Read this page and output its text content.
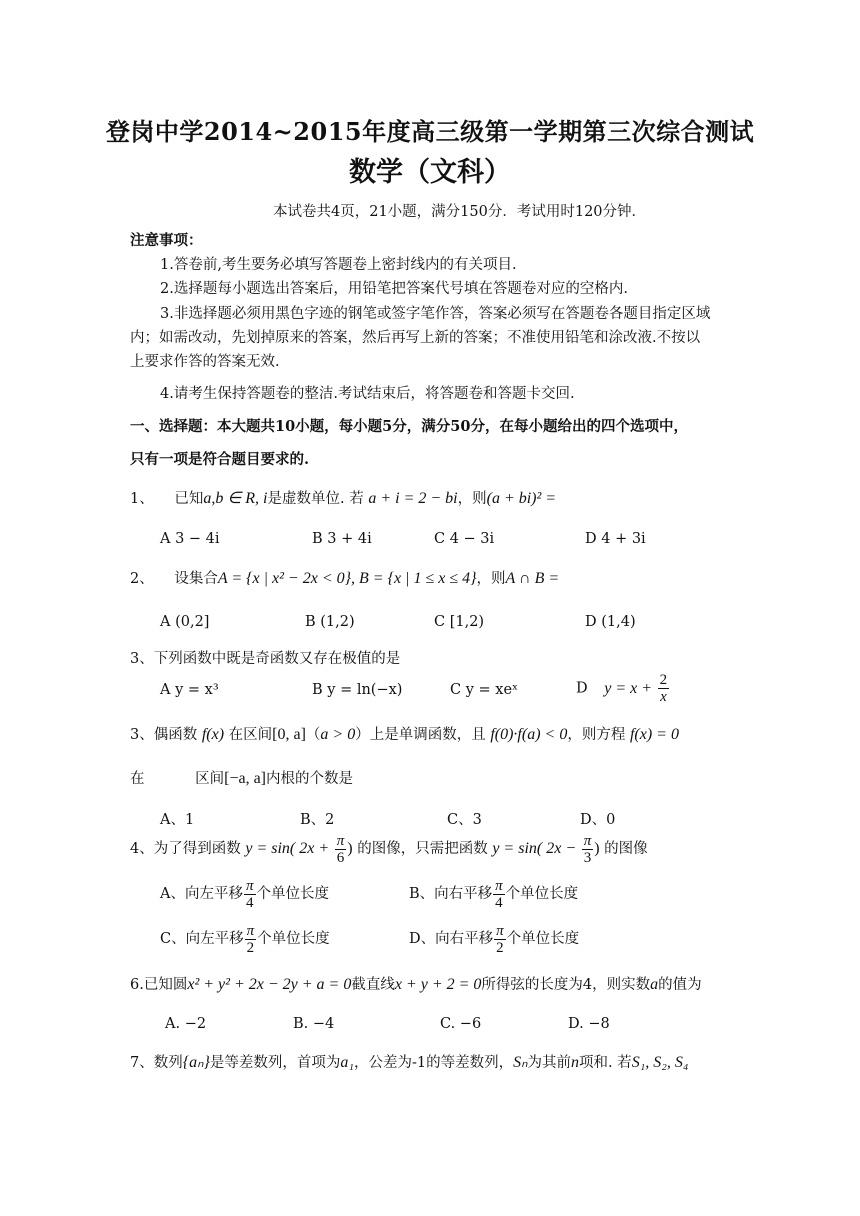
登岗中学2014~2015年度高三级第一学期第三次综合测试
数学（文科）
本试卷共4页，21小题，满分150分．考试用时120分钟．
注意事项：
1.答卷前,考生要务必填写答题卷上密封线内的有关项目.
2.选择题每小题选出答案后，用铅笔把答案代号填在答题卷对应的空格内.
3.非选择题必须用黑色字迹的钢笔或签字笔作答，答案必须写在答题卷各题目指定区域
内；如需改动，先划掉原来的答案，然后再写上新的答案；不准使用铅笔和涂改液.不按以
上要求作答的答案无效.
4.请考生保持答题卷的整洁.考试结束后，将答题卷和答题卡交回.
一、选择题：本大题共10小题，每小题5分，满分50分，在每小题给出的四个选项中，
只有一项是符合题目要求的.
1、 已知a,b ∈ R, i是虚数单位. 若 a + i = 2 − bi，则(a + bi)² =
A 3 − 4i	B 3 + 4i	C 4 − 3i	D 4 + 3i
2、 设集合A = {x | x² − 2x < 0}, B = {x | 1 ≤ x ≤ 4}，则A ∩ B =
A (0,2]	B (1,2)	C [1,2)	D (1,4)
3、下列函数中既是奇函数又存在极值的是
A y = x³	B y = ln(−x)	C y = xeˣ	D $y = x + \frac{2}{x}$
3、偶函数 f(x) 在区间[0, a]（a > 0）上是单调函数，且 f(0)·f(a) < 0，则方程 f(x) = 0
在	区间[−a, a]内根的个数是
A、1	B、2	C、3	D、0
4、为了得到函数 y = sin( $2x + \frac{\pi}{6}$ ) 的图像，只需把函数 y = sin( $2x - \frac{\pi}{3}$ ) 的图像
A、向左平移 $\frac{\pi}{4}$ 个单位长度	B、向右平移 $\frac{\pi}{4}$ 个单位长度
C、向左平移 $\frac{\pi}{2}$ 个单位长度	D、向右平移 $\frac{\pi}{2}$ 个单位长度
6.已知圆x² + y² + 2x − 2y + a = 0截直线x + y + 2 = 0所得弦的长度为4，则实数a的值为
A. −2	B. −4	C. −6	D. −8
7、数列{aₙ}是等差数列，首项为a₁，公差为-1的等差数列，Sₙ为其前n项和. 若S₁, S₂, S₄
